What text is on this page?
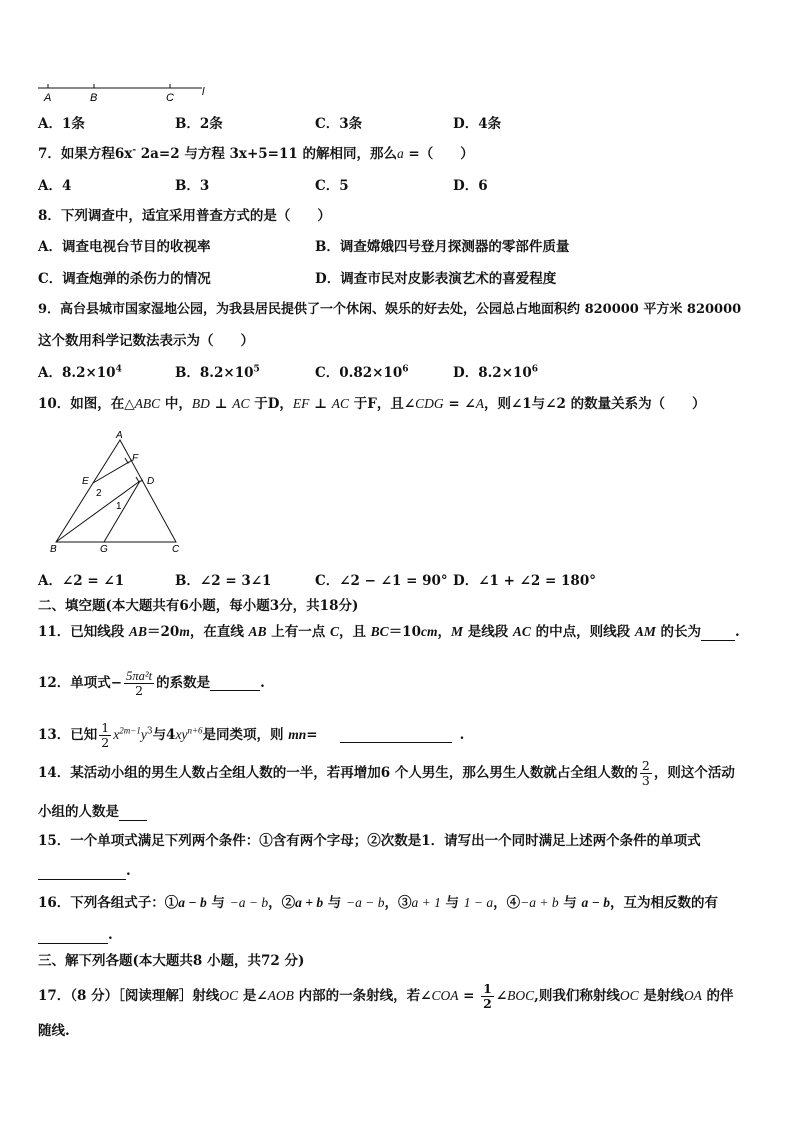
A	B	C	l
A．1条	B．2条	C．3条	D．4条
7．如果方程6x- 2a=2 与方程 3x+5=11 的解相同，那么a =（　　）
A．4	B．3	C．5	D．6
8．下列调查中，适宜采用普查方式的是（　　）
A．调查电视台节目的收视率	B．调查嫦娥四号登月探测器的零部件质量
C．调查炮弹的杀伤力的情况	D．调查市民对皮影表演艺术的喜爱程度
9．高台县城市国家湿地公园，为我县居民提供了一个休闲、娱乐的好去处，公园总占地面积约 820000 平方米 820000
这个数用科学记数法表示为（　　）
A．$8.2\times 10^4$	B．$8.2\times 10^5$	C．$0.82\times 10^6$	D．$8.2\times 10^6$
10．如图，在△ABC 中，BD ⊥ AC 于D，EF ⊥ AC 于F，且∠CDG = ∠A，则∠1与∠2 的数量关系为（　　）
A
F
E	D
2
1
B	G	C
A．∠2 = ∠1	B．∠2 = 3∠1	C．∠2 − ∠1 = 90° D．∠1 + ∠2 = 180°
二、填空题(本大题共有6小题，每小题3分，共18分)
11．已知线段 AB＝20m，在直线 AB 上有一点 C，且 BC＝10cm，M 是线段 AC 的中点，则线段 AM 的长为	.
12．单项式− $\frac{\text{5πa²t}}{2}$ 的系数是	.
13．已知 $\frac{1}{2} x^{2m-1}y^3$与$4xy^{n+6}$是同类项，则 mn=	.
14．某活动小组的男生人数占全组人数的一半，若再增加6 个人男生，那么男生人数就占全组人数的 $\frac{2}{3}$ ，则这个活动
小组的人数是
15．一个单项式满足下列两个条件：①含有两个字母；②次数是1．请写出一个同时满足上述两个条件的单项式
.
16．下列各组式子：①a − b 与 −a − b，②a + b 与 −a − b，③a + 1 与 1 − a，④−a + b 与 a − b，互为相反数的有
.
三、解下列各题(本大题共8 小题，共72 分)
17．（8 分）［阅读理解］射线OC 是∠AOB 内部的一条射线，若∠COA = $\frac{1}{2}$ ∠BOC,则我们称射线OC 是射线OA 的伴
随线.
